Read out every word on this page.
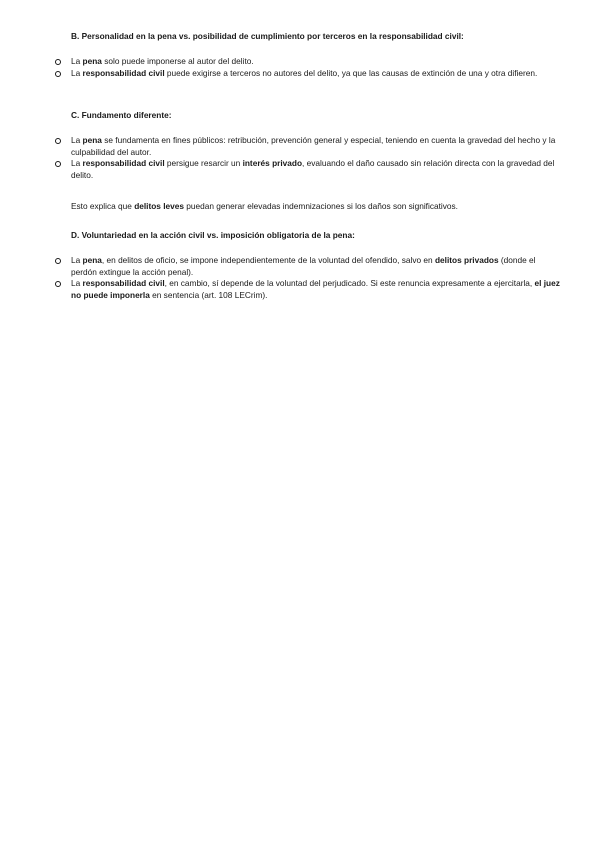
B. Personalidad en la pena vs. posibilidad de cumplimiento por terceros en la responsabilidad civil:
La pena solo puede imponerse al autor del delito.
La responsabilidad civil puede exigirse a terceros no autores del delito, ya que las causas de extinción de una y otra difieren.
C. Fundamento diferente:
La pena se fundamenta en fines públicos: retribución, prevención general y especial, teniendo en cuenta la gravedad del hecho y la culpabilidad del autor.
La responsabilidad civil persigue resarcir un interés privado, evaluando el daño causado sin relación directa con la gravedad del delito.
Esto explica que delitos leves puedan generar elevadas indemnizaciones si los daños son significativos.
D. Voluntariedad en la acción civil vs. imposición obligatoria de la pena:
La pena, en delitos de oficio, se impone independientemente de la voluntad del ofendido, salvo en delitos privados (donde el perdón extingue la acción penal).
La responsabilidad civil, en cambio, sí depende de la voluntad del perjudicado. Si este renuncia expresamente a ejercitarla, el juez no puede imponerla en sentencia (art. 108 LECrim).
